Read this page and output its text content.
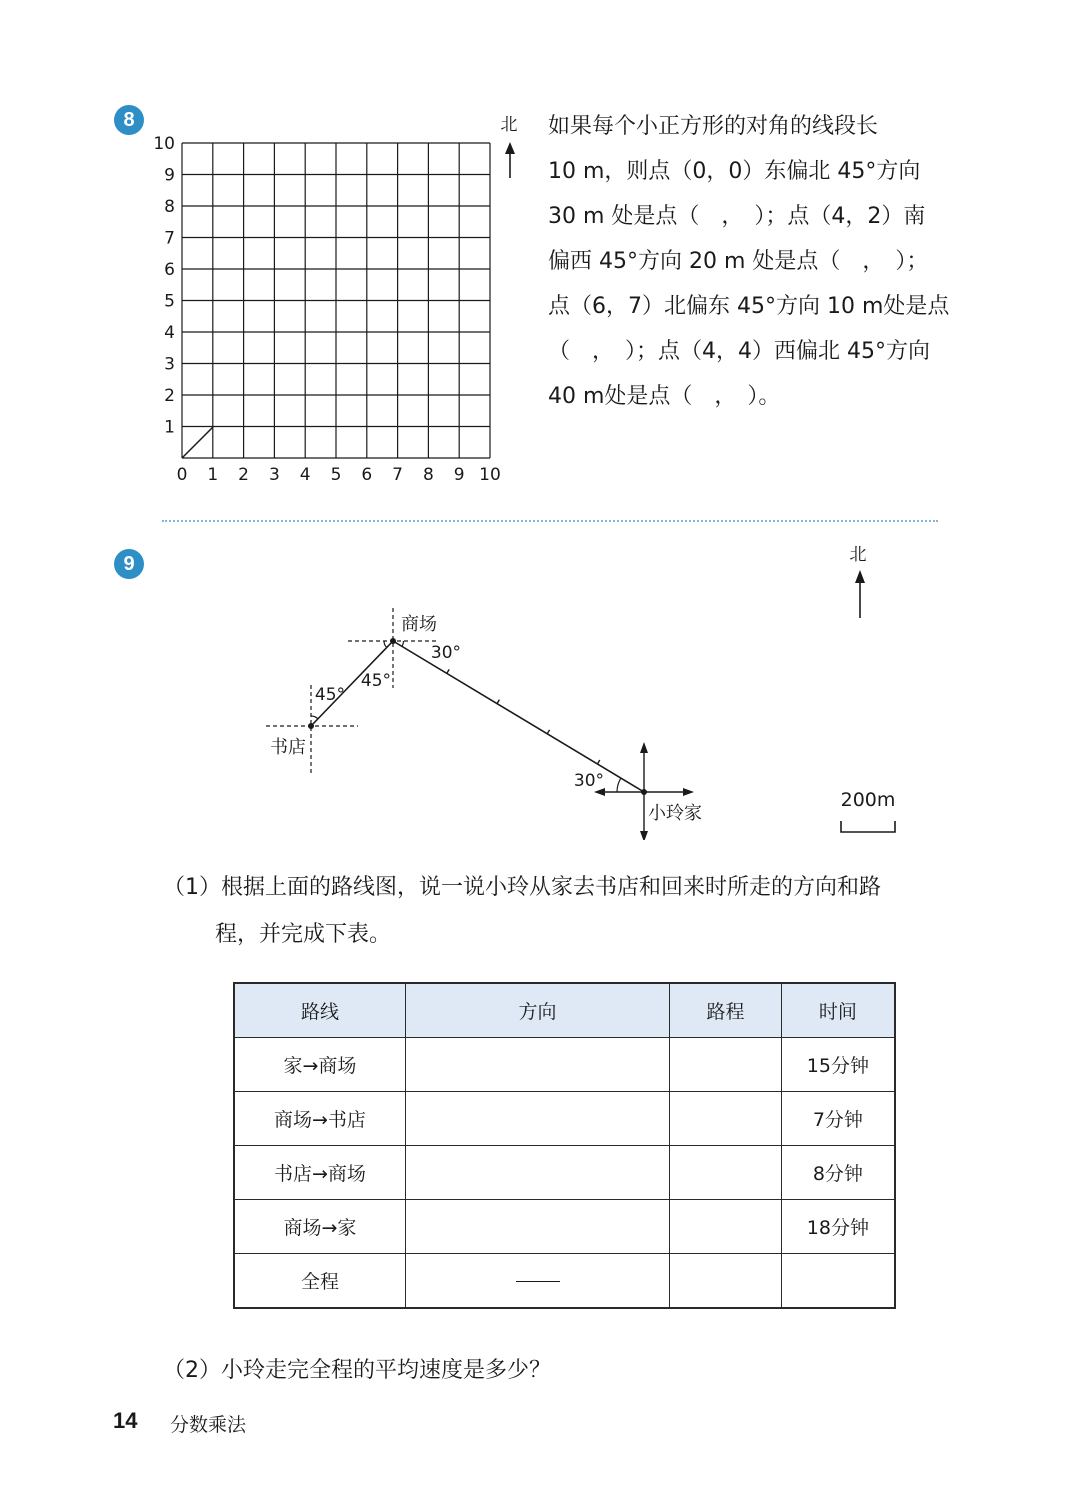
8
10
9
8
7
6
5
4
3
2
1
0 1 2 3 4 5 6 7 8 9 10
北 如果每个小正方形的对角的线段长
10 m，则点（0，0）东偏北 45°方向
30 m 处是点（　，　）；点（4，2）南
偏西 45°方向 20 m 处是点（　，　）；
点（6，7）北偏东 45°方向 10 m处是点
（　，　）；点（4，4）西偏北 45°方向
40 m处是点（　，　）。
9	北
商场
书店
小玲家
30°
45°
45°
30°
200m
（1）根据上面的路线图，说一说小玲从家去书店和回来时所走的方向和路
程，并完成下表。
路线	方向	路程	时间
家→商场			15分钟
商场→书店			7分钟
书店→商场			8分钟
商场→家			18分钟
全程			
（2）小玲走完全程的平均速度是多少？
14 分数乘法
